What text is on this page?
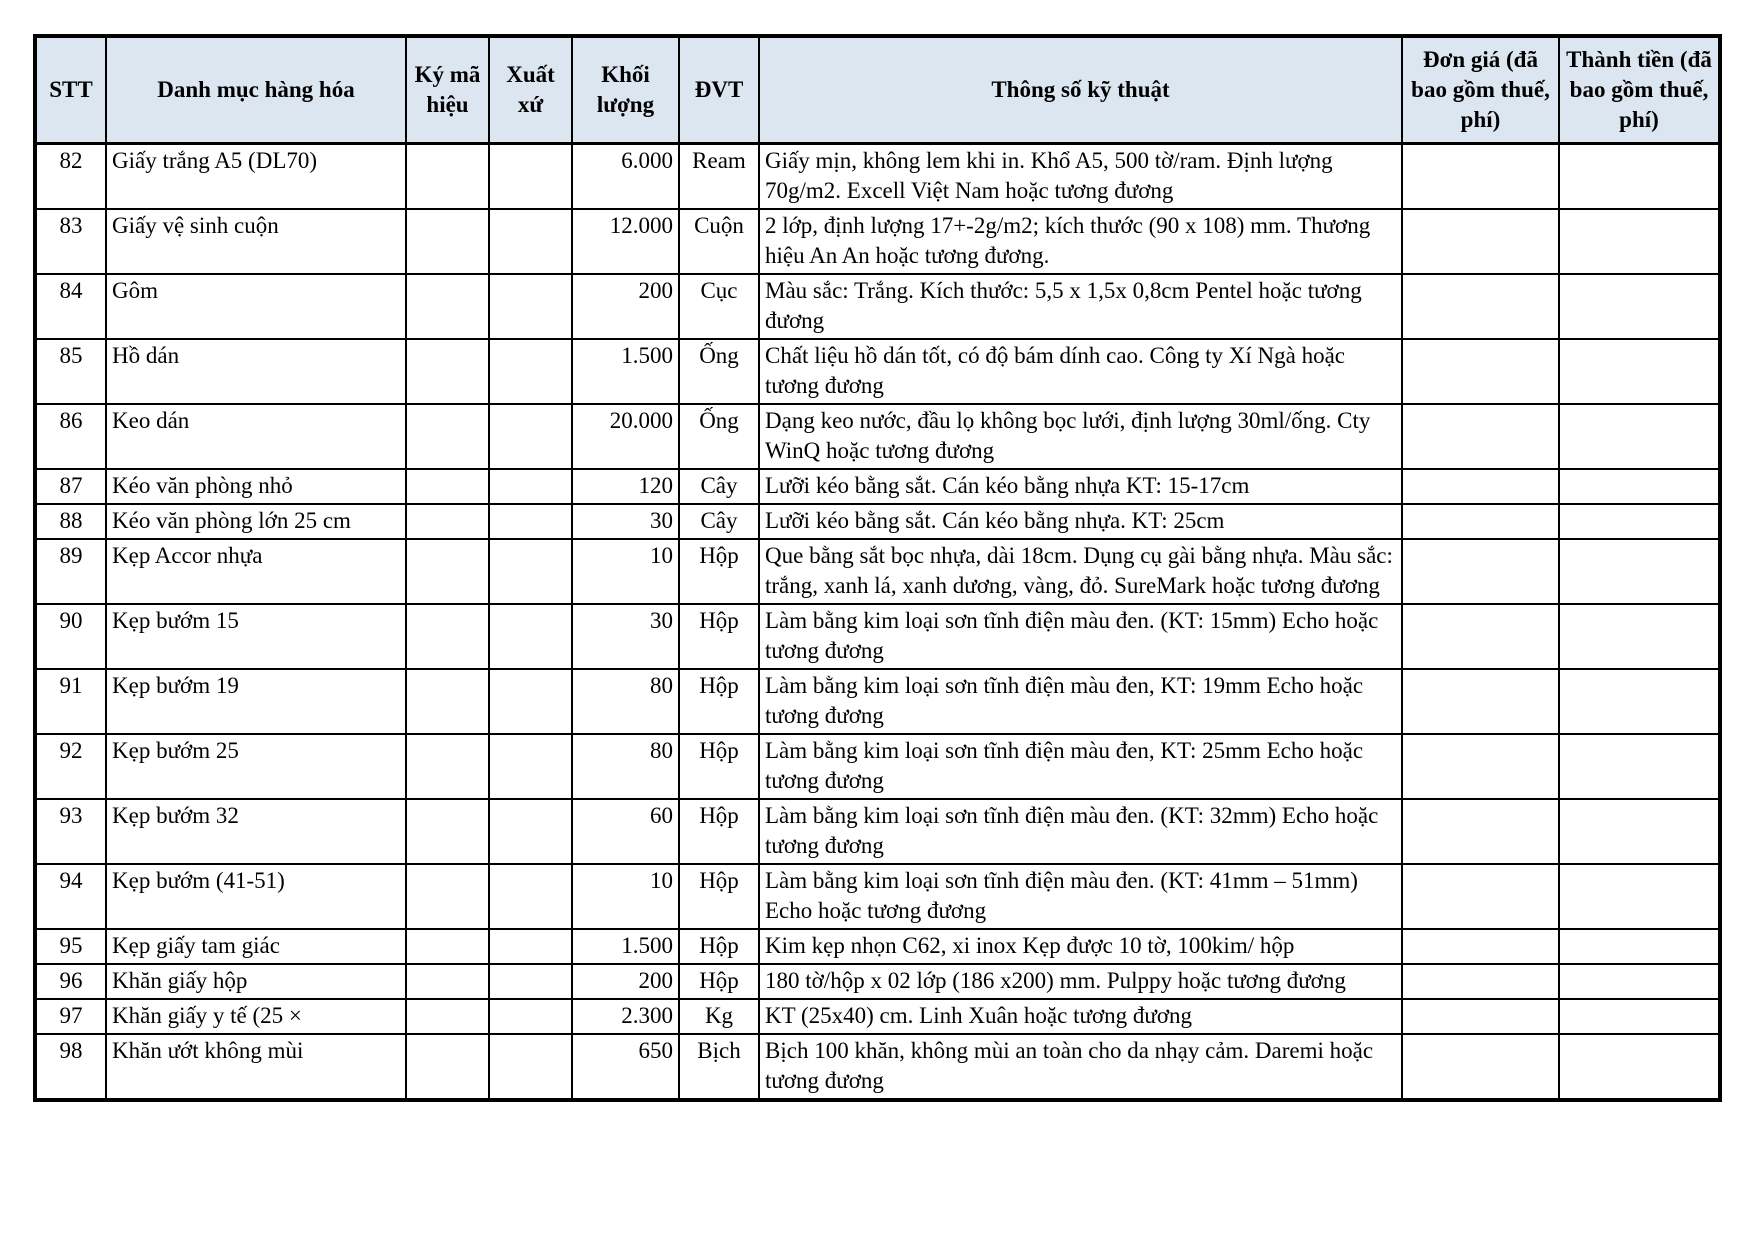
STT	Danh mục hàng hóa	Ký mã hiệu	Xuất xứ	Khối lượng	ĐVT	Thông số kỹ thuật	Đơn giá (đã bao gồm thuế, phí)	Thành tiền (đã bao gồm thuế, phí)
82	Giấy trắng A5 (DL70)			6.000	Ream	Giấy mịn, không lem khi in. Khổ A5, 500 tờ/ram. Định lượng 70g/m2. Excell Việt Nam hoặc tương đương		
83	Giấy vệ sinh cuộn			12.000	Cuộn	2 lớp, định lượng 17+-2g/m2; kích thước (90 x 108) mm. Thương hiệu An An hoặc tương đương.		
84	Gôm			200	Cục	Màu sắc: Trắng. Kích thước: 5,5 x 1,5x 0,8cm Pentel hoặc tương đương		
85	Hồ dán			1.500	Ống	Chất liệu hồ dán tốt, có độ bám dính cao. Công ty Xí Ngà hoặc tương đương		
86	Keo dán			20.000	Ống	Dạng keo nước, đầu lọ không bọc lưới, định lượng 30ml/ống. Cty WinQ hoặc tương đương		
87	Kéo văn phòng nhỏ			120	Cây	Lưỡi kéo bằng sắt. Cán kéo bằng nhựa KT: 15-17cm		
88	Kéo văn phòng lớn 25 cm			30	Cây	Lưỡi kéo bằng sắt. Cán kéo bằng nhựa. KT: 25cm		
89	Kẹp Accor nhựa			10	Hộp	Que bằng sắt bọc nhựa, dài 18cm. Dụng cụ gài bằng nhựa. Màu sắc: trắng, xanh lá, xanh dương, vàng, đỏ. SureMark hoặc tương đương		
90	Kẹp bướm 15			30	Hộp	Làm bằng kim loại sơn tĩnh điện màu đen. (KT: 15mm) Echo hoặc tương đương		
91	Kẹp bướm 19			80	Hộp	Làm bằng kim loại sơn tĩnh điện màu đen, KT: 19mm Echo hoặc tương đương		
92	Kẹp bướm 25			80	Hộp	Làm bằng kim loại sơn tĩnh điện màu đen, KT: 25mm Echo hoặc tương đương		
93	Kẹp bướm 32			60	Hộp	Làm bằng kim loại sơn tĩnh điện màu đen. (KT: 32mm) Echo hoặc tương đương		
94	Kẹp bướm (41-51)			10	Hộp	Làm bằng kim loại sơn tĩnh điện màu đen. (KT: 41mm – 51mm) Echo hoặc tương đương		
95	Kẹp giấy tam giác			1.500	Hộp	Kim kẹp nhọn C62, xi inox Kẹp được 10 tờ, 100kim/ hộp		
96	Khăn giấy hộp			200	Hộp	180 tờ/hộp x 02 lớp (186 x200) mm. Pulppy hoặc tương đương		
97	Khăn giấy y tế (25 ×			2.300	Kg	KT (25x40) cm. Linh Xuân hoặc tương đương		
98	Khăn ướt không mùi			650	Bịch	Bịch 100 khăn, không mùi an toàn cho da nhạy cảm. Daremi hoặc tương đương		
